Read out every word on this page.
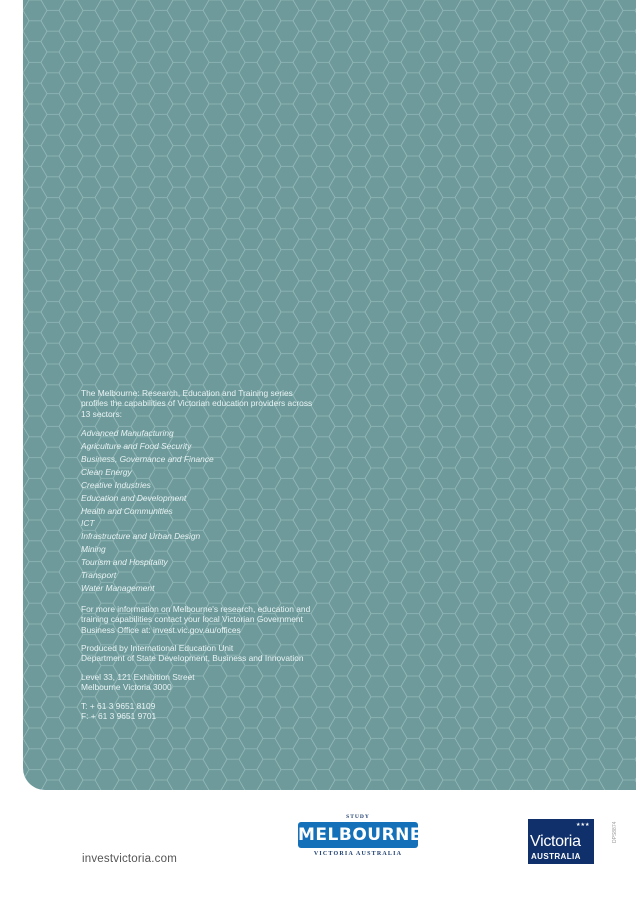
The Melbourne: Research, Education and Training series profiles the capabilities of Victorian education providers across 13 sectors:

Advanced Manufacturing
Agriculture and Food Security
Business, Governance and Finance
Clean Energy
Creative Industries
Education and Development
Health and Communities
ICT
Infrastructure and Urban Design
Mining
Tourism and Hospitality
Transport
Water Management

For more information on Melbourne's research, education and training capabilities contact your local Victorian Government Business Office at: invest.vic.gov.au/offices

Produced by International Education Unit
Department of State Development, Business and Innovation

Level 33, 121 Exhibition Street
Melbourne Victoria 3000

T: + 61 3 9651 8109
F: + 61 3 9651 9701

investvictoria.com
STUDY
MELBOURNE
VICTORIA AUSTRALIA
★★★
Victoria
AUSTRALIA
DPS8874
